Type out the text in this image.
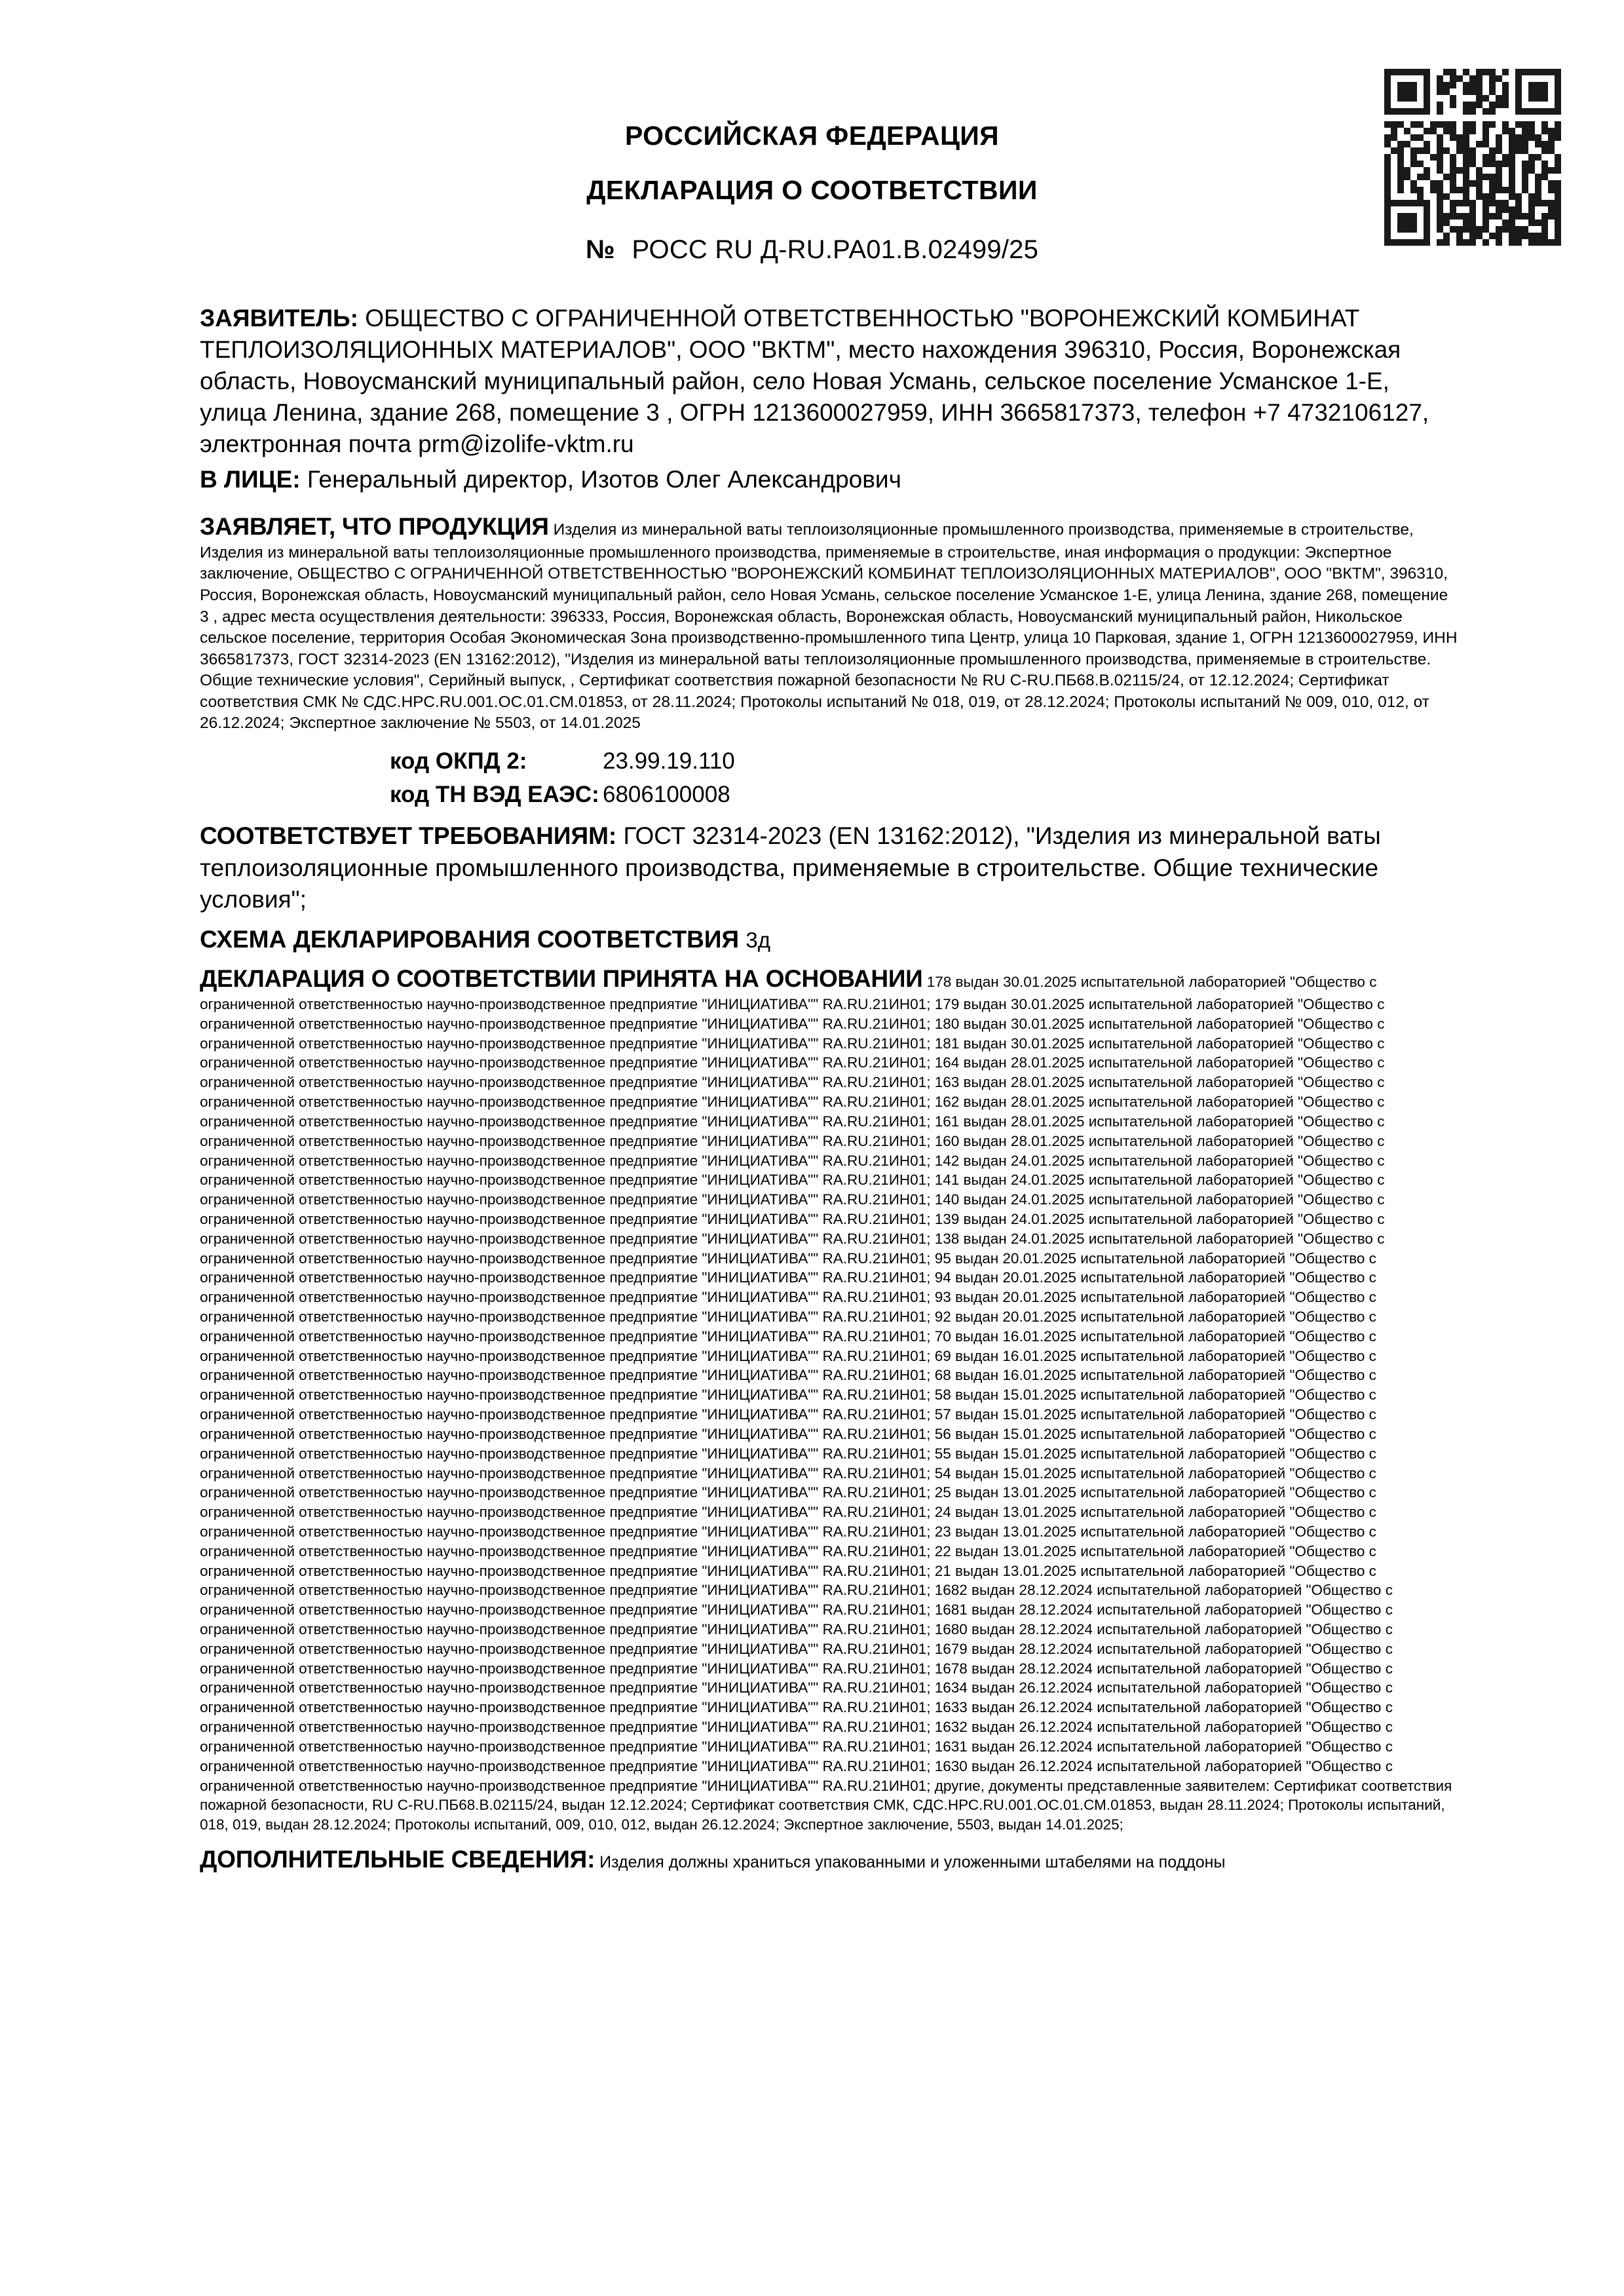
РОССИЙСКАЯ ФЕДЕРАЦИЯ
ДЕКЛАРАЦИЯ О СООТВЕТСТВИИ
№ РОСС RU Д-RU.РА01.В.02499/25
ЗАЯВИТЕЛЬ: ОБЩЕСТВО С ОГРАНИЧЕННОЙ ОТВЕТСТВЕННОСТЬЮ "ВОРОНЕЖСКИЙ КОМБИНАТ ТЕПЛОИЗОЛЯЦИОННЫХ МАТЕРИАЛОВ", ООО "ВКТМ", место нахождения 396310, Россия, Воронежская область, Новоусманский муниципальный район, село Новая Усмань, сельское поселение Усманское 1-Е, улица Ленина, здание 268, помещение 3 , ОГРН 1213600027959, ИНН 3665817373, телефон +7 4732106127, электронная почта prm@izolife-vktm.ru
В ЛИЦЕ: Генеральный директор, Изотов Олег Александрович
ЗАЯВЛЯЕТ, ЧТО ПРОДУКЦИЯ Изделия из минеральной ваты теплоизоляционные промышленного производства, применяемые в строительстве, Изделия из минеральной ваты теплоизоляционные промышленного производства, применяемые в строительстве, иная информация о продукции: Экспертное заключение, ОБЩЕСТВО С ОГРАНИЧЕННОЙ ОТВЕТСТВЕННОСТЬЮ "ВОРОНЕЖСКИЙ КОМБИНАТ ТЕПЛОИЗОЛЯЦИОННЫХ МАТЕРИАЛОВ", ООО "ВКТМ", 396310, Россия, Воронежская область, Новоусманский муниципальный район, село Новая Усмань, сельское поселение Усманское 1-Е, улица Ленина, здание 268, помещение 3 , адрес места осуществления деятельности: 396333, Россия, Воронежская область, Воронежская область, Новоусманский муниципальный район, Никольское сельское поселение, территория Особая Экономическая Зона производственно-промышленного типа Центр, улица 10 Парковая, здание 1, ОГРН 1213600027959, ИНН 3665817373, ГОСТ 32314-2023 (EN 13162:2012), "Изделия из минеральной ваты теплоизоляционные промышленного производства, применяемые в строительстве. Общие технические условия", Серийный выпуск, , Сертификат соответствия пожарной безопасности № RU C-RU.ПБ68.В.02115/24, от 12.12.2024; Сертификат соответствия СМК № СДС.НРС.RU.001.ОС.01.СМ.01853, от 28.11.2024; Протоколы испытаний № 018, 019, от 28.12.2024; Протоколы испытаний № 009, 010, 012, от 26.12.2024; Экспертное заключение № 5503, от 14.01.2025
код ОКПД 2:	23.99.19.110
код ТН ВЭД ЕАЭС: 6806100008
СООТВЕТСТВУЕТ ТРЕБОВАНИЯМ: ГОСТ 32314-2023 (EN 13162:2012), "Изделия из минеральной ваты теплоизоляционные промышленного производства, применяемые в строительстве. Общие технические условия";
СХЕМА ДЕКЛАРИРОВАНИЯ СООТВЕТСТВИЯ 3д
ДЕКЛАРАЦИЯ О СООТВЕТСТВИИ ПРИНЯТА НА ОСНОВАНИИ 178 выдан 30.01.2025 испытательной лабораторией "Общество с ограниченной ответственностью научно-производственное предприятие "ИНИЦИАТИВА"" RA.RU.21ИН01; 179 выдан 30.01.2025 испытательной лабораторией "Общество с ограниченной ответственностью научно-производственное предприятие "ИНИЦИАТИВА"" RA.RU.21ИН01; 180 выдан 30.01.2025 испытательной лабораторией "Общество с ограниченной ответственностью научно-производственное предприятие "ИНИЦИАТИВА"" RA.RU.21ИН01; 181 выдан 30.01.2025 испытательной лабораторией "Общество с ограниченной ответственностью научно-производственное предприятие "ИНИЦИАТИВА"" RA.RU.21ИН01; 164 выдан 28.01.2025 испытательной лабораторией "Общество с ограниченной ответственностью научно-производственное предприятие "ИНИЦИАТИВА"" RA.RU.21ИН01; 163 выдан 28.01.2025 испытательной лабораторией "Общество с ограниченной ответственностью научно-производственное предприятие "ИНИЦИАТИВА"" RA.RU.21ИН01; 162 выдан 28.01.2025 испытательной лабораторией "Общество с ограниченной ответственностью научно-производственное предприятие "ИНИЦИАТИВА"" RA.RU.21ИН01; 161 выдан 28.01.2025 испытательной лабораторией "Общество с ограниченной ответственностью научно-производственное предприятие "ИНИЦИАТИВА"" RA.RU.21ИН01; 160 выдан 28.01.2025 испытательной лабораторией "Общество с ограниченной ответственностью научно-производственное предприятие "ИНИЦИАТИВА"" RA.RU.21ИН01; 142 выдан 24.01.2025 испытательной лабораторией "Общество с ограниченной ответственностью научно-производственное предприятие "ИНИЦИАТИВА"" RA.RU.21ИН01; 141 выдан 24.01.2025 испытательной лабораторией "Общество с ограниченной ответственностью научно-производственное предприятие "ИНИЦИАТИВА"" RA.RU.21ИН01; 140 выдан 24.01.2025 испытательной лабораторией "Общество с ограниченной ответственностью научно-производственное предприятие "ИНИЦИАТИВА"" RA.RU.21ИН01; 139 выдан 24.01.2025 испытательной лабораторией "Общество с ограниченной ответственностью научно-производственное предприятие "ИНИЦИАТИВА"" RA.RU.21ИН01; 138 выдан 24.01.2025 испытательной лабораторией "Общество с ограниченной ответственностью научно-производственное предприятие "ИНИЦИАТИВА"" RA.RU.21ИН01; 95 выдан 20.01.2025 испытательной лабораторией "Общество с ограниченной ответственностью научно-производственное предприятие "ИНИЦИАТИВА"" RA.RU.21ИН01; 94 выдан 20.01.2025 испытательной лабораторией "Общество с ограниченной ответственностью научно-производственное предприятие "ИНИЦИАТИВА"" RA.RU.21ИН01; 93 выдан 20.01.2025 испытательной лабораторией "Общество с ограниченной ответственностью научно-производственное предприятие "ИНИЦИАТИВА"" RA.RU.21ИН01; 92 выдан 20.01.2025 испытательной лабораторией "Общество с ограниченной ответственностью научно-производственное предприятие "ИНИЦИАТИВА"" RA.RU.21ИН01; 70 выдан 16.01.2025 испытательной лабораторией "Общество с ограниченной ответственностью научно-производственное предприятие "ИНИЦИАТИВА"" RA.RU.21ИН01; 69 выдан 16.01.2025 испытательной лабораторией "Общество с ограниченной ответственностью научно-производственное предприятие "ИНИЦИАТИВА"" RA.RU.21ИН01; 68 выдан 16.01.2025 испытательной лабораторией "Общество с ограниченной ответственностью научно-производственное предприятие "ИНИЦИАТИВА"" RA.RU.21ИН01; 58 выдан 15.01.2025 испытательной лабораторией "Общество с ограниченной ответственностью научно-производственное предприятие "ИНИЦИАТИВА"" RA.RU.21ИН01; 57 выдан 15.01.2025 испытательной лабораторией "Общество с ограниченной ответственностью научно-производственное предприятие "ИНИЦИАТИВА"" RA.RU.21ИН01; 56 выдан 15.01.2025 испытательной лабораторией "Общество с ограниченной ответственностью научно-производственное предприятие "ИНИЦИАТИВА"" RA.RU.21ИН01; 55 выдан 15.01.2025 испытательной лабораторией "Общество с ограниченной ответственностью научно-производственное предприятие "ИНИЦИАТИВА"" RA.RU.21ИН01; 54 выдан 15.01.2025 испытательной лабораторией "Общество с ограниченной ответственностью научно-производственное предприятие "ИНИЦИАТИВА"" RA.RU.21ИН01; 25 выдан 13.01.2025 испытательной лабораторией "Общество с ограниченной ответственностью научно-производственное предприятие "ИНИЦИАТИВА"" RA.RU.21ИН01; 24 выдан 13.01.2025 испытательной лабораторией "Общество с ограниченной ответственностью научно-производственное предприятие "ИНИЦИАТИВА"" RA.RU.21ИН01; 23 выдан 13.01.2025 испытательной лабораторией "Общество с ограниченной ответственностью научно-производственное предприятие "ИНИЦИАТИВА"" RA.RU.21ИН01; 22 выдан 13.01.2025 испытательной лабораторией "Общество с ограниченной ответственностью научно-производственное предприятие "ИНИЦИАТИВА"" RA.RU.21ИН01; 21 выдан 13.01.2025 испытательной лабораторией "Общество с ограниченной ответственностью научно-производственное предприятие "ИНИЦИАТИВА"" RA.RU.21ИН01; 1682 выдан 28.12.2024 испытательной лабораторией "Общество с ограниченной ответственностью научно-производственное предприятие "ИНИЦИАТИВА"" RA.RU.21ИН01; 1681 выдан 28.12.2024 испытательной лабораторией "Общество с ограниченной ответственностью научно-производственное предприятие "ИНИЦИАТИВА"" RA.RU.21ИН01; 1680 выдан 28.12.2024 испытательной лабораторией "Общество с ограниченной ответственностью научно-производственное предприятие "ИНИЦИАТИВА"" RA.RU.21ИН01; 1679 выдан 28.12.2024 испытательной лабораторией "Общество с ограниченной ответственностью научно-производственное предприятие "ИНИЦИАТИВА"" RA.RU.21ИН01; 1678 выдан 28.12.2024 испытательной лабораторией "Общество с ограниченной ответственностью научно-производственное предприятие "ИНИЦИАТИВА"" RA.RU.21ИН01; 1634 выдан 26.12.2024 испытательной лабораторией "Общество с ограниченной ответственностью научно-производственное предприятие "ИНИЦИАТИВА"" RA.RU.21ИН01; 1633 выдан 26.12.2024 испытательной лабораторией "Общество с ограниченной ответственностью научно-производственное предприятие "ИНИЦИАТИВА"" RA.RU.21ИН01; 1632 выдан 26.12.2024 испытательной лабораторией "Общество с ограниченной ответственностью научно-производственное предприятие "ИНИЦИАТИВА"" RA.RU.21ИН01; 1631 выдан 26.12.2024 испытательной лабораторией "Общество с ограниченной ответственностью научно-производственное предприятие "ИНИЦИАТИВА"" RA.RU.21ИН01; 1630 выдан 26.12.2024 испытательной лабораторией "Общество с ограниченной ответственностью научно-производственное предприятие "ИНИЦИАТИВА"" RA.RU.21ИН01; другие, документы представленные заявителем: Сертификат соответствия пожарной безопасности, RU C-RU.ПБ68.В.02115/24, выдан 12.12.2024; Сертификат соответствия СМК, СДС.НРС.RU.001.ОС.01.СМ.01853, выдан 28.11.2024; Протоколы испытаний, 018, 019, выдан 28.12.2024; Протоколы испытаний, 009, 010, 012, выдан 26.12.2024; Экспертное заключение, 5503, выдан 14.01.2025;
ДОПОЛНИТЕЛЬНЫЕ СВЕДЕНИЯ: Изделия должны храниться упакованными и уложенными штабелями на поддоны
